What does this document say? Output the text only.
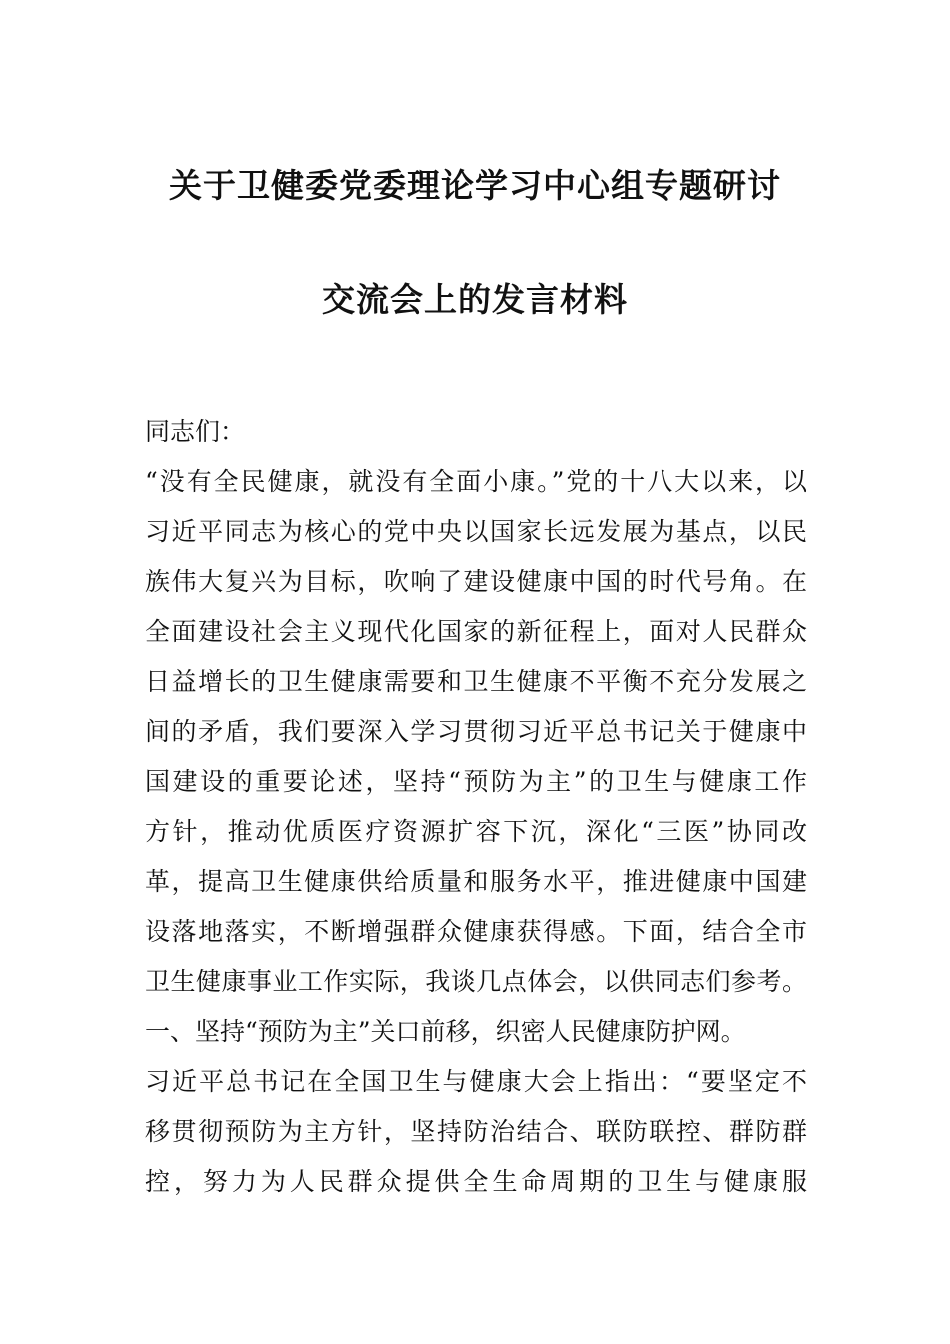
关于卫健委党委理论学习中心组专题研讨
交流会上的发言材料
同志们：
“没有全民健康，就没有全面小康。”党的十八大以来，以
习近平同志为核心的党中央以国家长远发展为基点，以民
族伟大复兴为目标，吹响了建设健康中国的时代号角。在
全面建设社会主义现代化国家的新征程上，面对人民群众
日益增长的卫生健康需要和卫生健康不平衡不充分发展之
间的矛盾，我们要深入学习贯彻习近平总书记关于健康中
国建设的重要论述，坚持“预防为主”的卫生与健康工作
方针，推动优质医疗资源扩容下沉，深化“三医”协同改
革，提高卫生健康供给质量和服务水平，推进健康中国建
设落地落实，不断增强群众健康获得感。下面，结合全市
卫生健康事业工作实际，我谈几点体会，以供同志们参考。
一、坚持“预防为主”关口前移，织密人民健康防护网。
习近平总书记在全国卫生与健康大会上指出：“要坚定不
移贯彻预防为主方针，坚持防治结合、联防联控、群防群
控，努力为人民群众提供全生命周期的卫生与健康服
